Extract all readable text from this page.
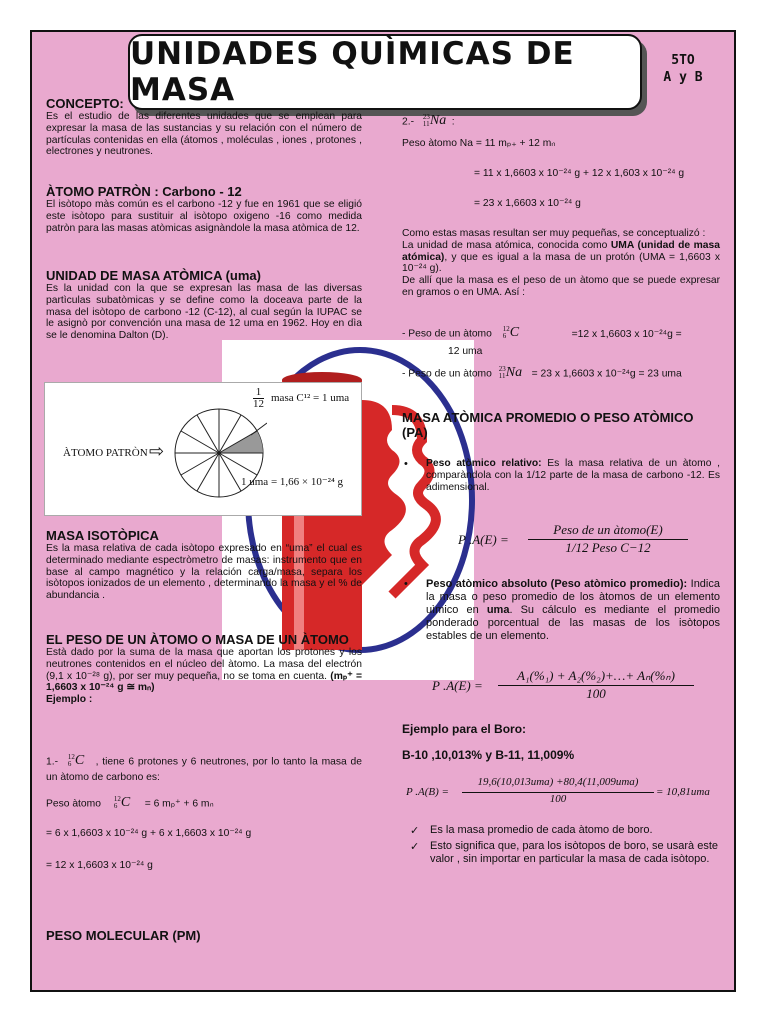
UNIDADES QUÌMICAS DE MASA
5TO
A y B
CONCEPTO:

Es el estudio de las diferentes unidades que se emplean para expresar la masa de las sustancias y su relación con el número de partículas contenidas en ella (átomos , moléculas , iones , protones , electrones y neutrones.

ÀTOMO PATRÒN : Carbono - 12

El isòtopo màs común es el carbono -12 y fue en 1961 que se eligió este isòtopo para sustituir al isòtopo oxigeno -16 como medida patròn para las masas atòmicas asignàndole la masa atòmica de 12.

UNIDAD DE MASA ATÒMICA (uma)

Es la unidad con la que se expresan las masa de las diversas partìculas subatòmicas y se define como la doceava parte de la masa del isòtopo de carbono -12 (C-12), al cual según la IUPAC se le asignò por convención una masa de 12 uma en 1962. Hoy en dìa se le denomina Dalton (D).

ÀTOMO PATRÒN ⇨
$\frac{1}{12}$ masa C¹² = 1 uma
1 uma = 1,66 × 10⁻²⁴ g
MASA ISOTÒPICA

Es la masa relativa de cada isòtopo expresado en “uma” el cual es determinado mediante espectròmetro de masas: instrumento que en base al campo magnético y la relación carga/masa, separa los isòtopos ionizados de un elemento , determinando la masa y el % de abundancia .

EL PESO DE UN ÀTOMO O MASA DE UN ÀTOMO

Està dado por la suma de la masa que aportan los protones y los neutrones contenidos en el núcleo del àtomo. La masa del electrón (9,1 x 10⁻²⁸ g), por ser muy pequeña, no se toma en cuenta. (mₚ⁺ = 1,6603 x 10⁻²⁴ g ≅ mₙ)

Ejemplo :

1.- 12
6 C , tiene 6 protones y 6 neutrones, por lo tanto la masa de un àtomo de carbono es:

Peso àtomo 12
6 C = 6 mₚ⁺ + 6 mₙ
= 6 x 1,6603 x 10⁻²⁴ g + 6 x 1,6603 x 10⁻²⁴ g
= 12 x 1,6603 x 10⁻²⁴ g
PESO MOLECULAR (PM)
2.- 23
11 Na :
Peso àtomo Na = 11 mₚ₊ + 12 mₙ
= 11 x 1,6603 x 10⁻²⁴ g + 12 x 1,603 x 10⁻²⁴ g
= 23 x 1,6603 x 10⁻²⁴ g

Como estas masas resultan ser muy pequeñas, se conceptualizó :

La unidad de masa atómica, conocida como UMA (unidad de masa atómica), y que es igual a la masa de un protón (UMA = 1,6603 x 10⁻²⁴ g).

De allí que la masa es el peso de un àtomo que se puede expresar en gramos o en UMA. Así :

- Peso de un àtomo 12
6 C	=12 x 1,6603 x 10⁻²⁴g =
12 uma
- Peso de un àtomo 23
11 Na = 23 x 1,6603 x 10⁻²⁴g = 23 uma
MASA ATÒMICA PROMEDIO O PESO ATÒMICO (PA)
• Peso atòmico relativo: Es la masa relativa de un àtomo , comparàndola con la 1/12 parte de la masa de carbono -12. Es adimensional.

P .A(E) =
Peso de un àtomo(E)
1/12 Peso C−12
• Peso atòmico absoluto (Peso atòmico promedio): Indica la masa o peso promedio de los àtomos de un elemento uìmico en uma. Su cálculo es mediante el promedio ponderado porcentual de las masas de los isòtopos estables de un elemento.

P .A(E) =
A₁(%₁) + A₂(%₂)+…+ Aₙ(%ₙ)
100
Ejemplo para el Boro:
B-10 ,10,013% y B-11, 11,009%
P .A(B) =
19,6(10,013uma) +80,4(11,009uma)
100
= 10,81uma
✓ Es la masa promedio de cada àtomo de boro.
✓ Esto significa que, para los isòtopos de boro, se usarà este valor , sin importar en particular la masa de cada isòtopo.
